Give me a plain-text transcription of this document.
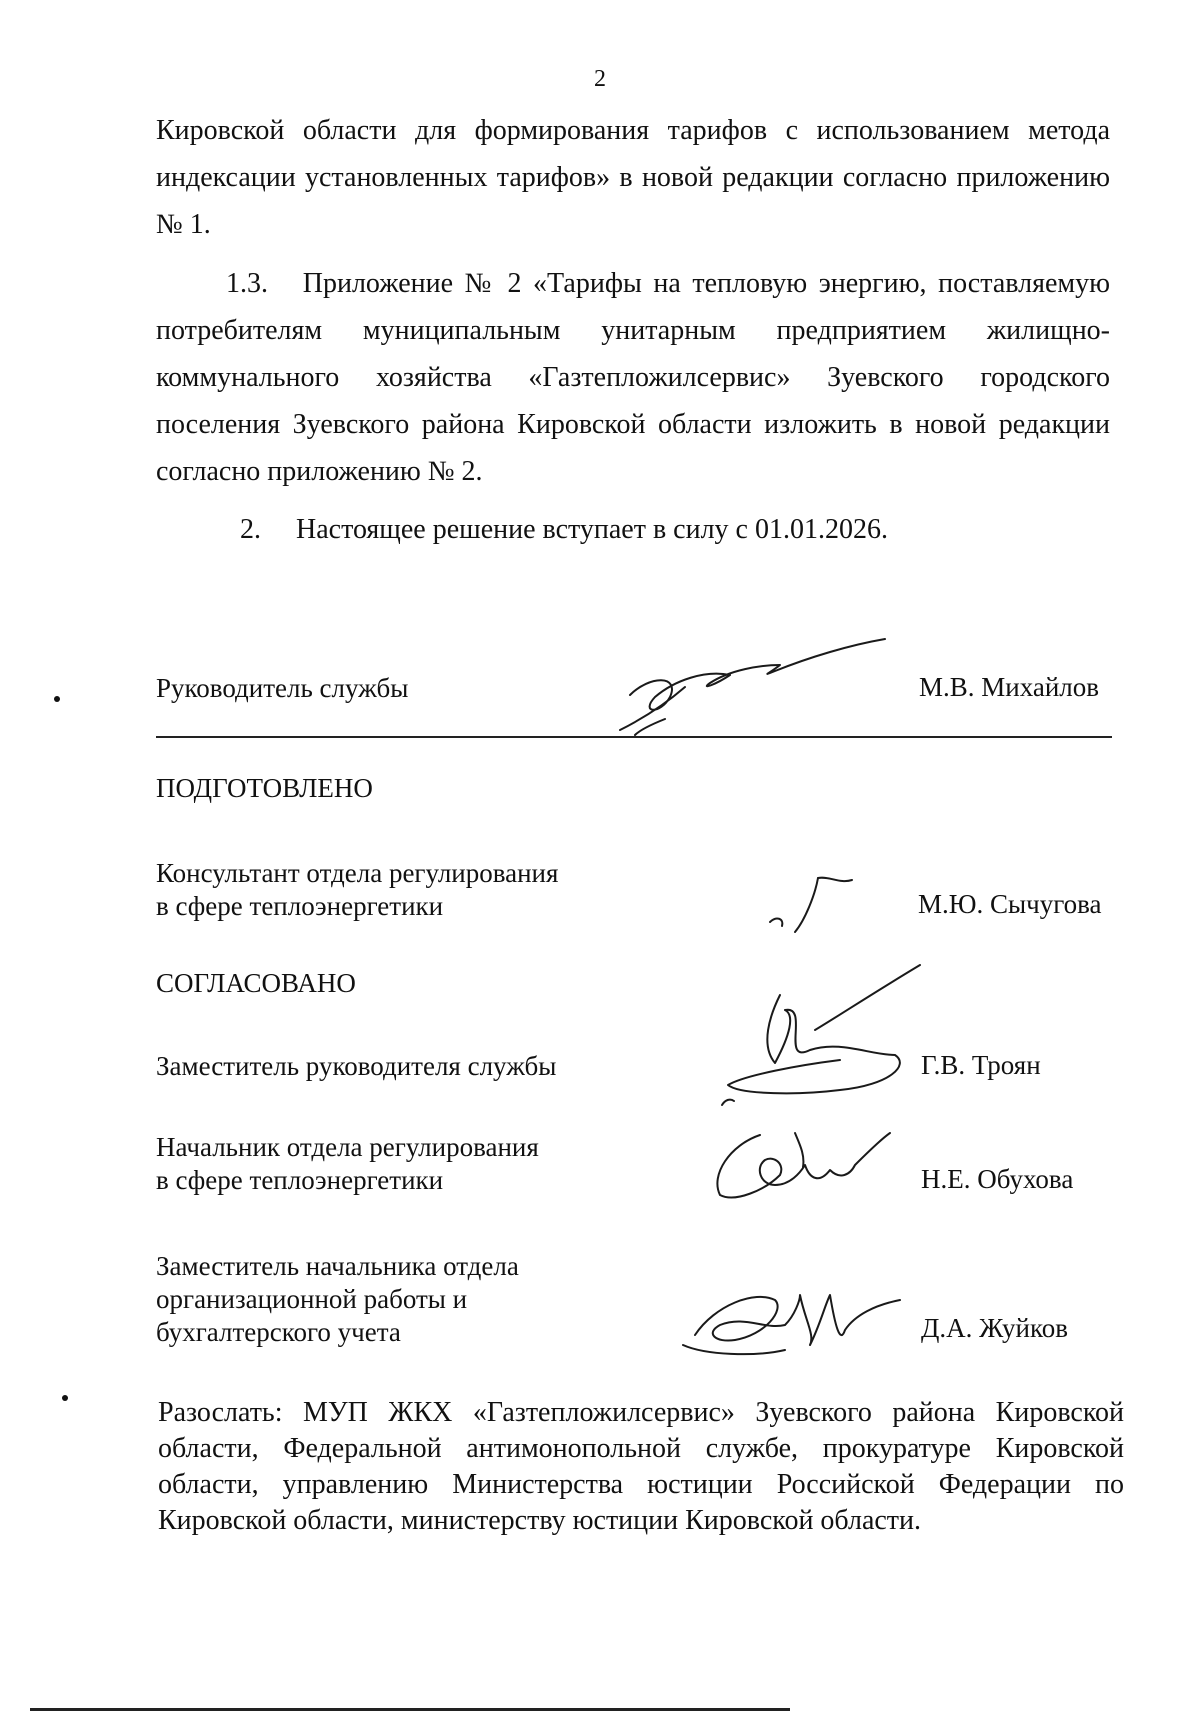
2
Кировской области для формирования тарифов с использованием метода индексации установленных тарифов» в новой редакции согласно приложению № 1.
1.3. Приложение № 2 «Тарифы на тепловую энергию, поставляемую потребителям муниципальным унитарным предприятием жилищно-коммунального хозяйства «Газтепложилсервис» Зуевского городского поселения Зуевского района Кировской области изложить в новой редакции согласно приложению № 2.
2. Настоящее решение вступает в силу с 01.01.2026.
Руководитель службы	М.В. Михайлов
ПОДГОТОВЛЕНО
Консультант отдела регулирования
в сфере теплоэнергетики	М.Ю. Сычугова
СОГЛАСОВАНО
Заместитель руководителя службы	Г.В. Троян
Начальник отдела регулирования
в сфере теплоэнергетики	Н.Е. Обухова
Заместитель начальника отдела
организационной работы и
бухгалтерского учета	Д.А. Жуйков
Разослать: МУП ЖКХ «Газтепложилсервис» Зуевского района Кировской области, Федеральной антимонопольной службе, прокуратуре Кировской области, управлению Министерства юстиции Российской Федерации по Кировской области, министерству юстиции Кировской области.
